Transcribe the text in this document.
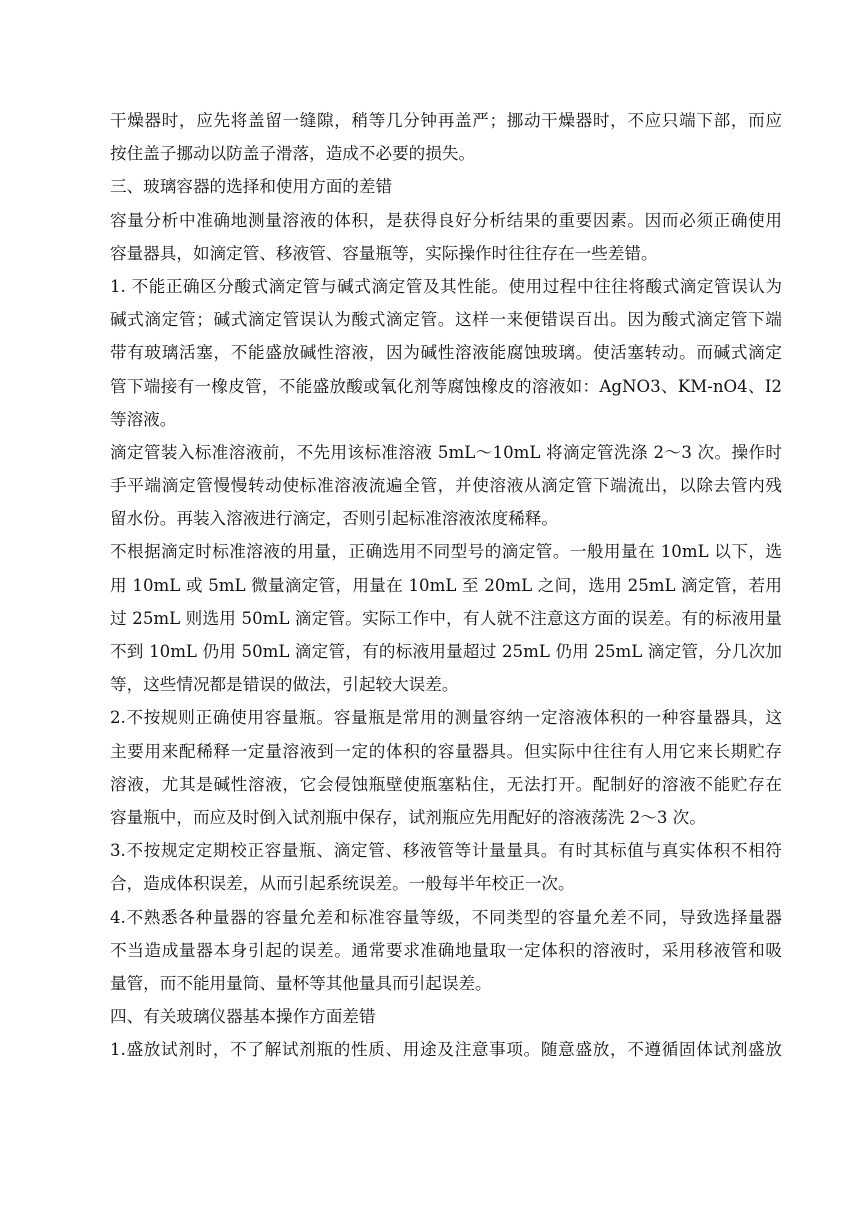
干燥器时，应先将盖留一缝隙，稍等几分钟再盖严；挪动干燥器时，不应只端下部，而应
按住盖子挪动以防盖子滑落，造成不必要的损失。
三、玻璃容器的选择和使用方面的差错
容量分析中准确地测量溶液的体积，是获得良好分析结果的重要因素。因而必须正确使用
容量器具，如滴定管、移液管、容量瓶等，实际操作时往往存在一些差错。
1. 不能正确区分酸式滴定管与碱式滴定管及其性能。使用过程中往往将酸式滴定管误认为
碱式滴定管；碱式滴定管误认为酸式滴定管。这样一来便错误百出。因为酸式滴定管下端
带有玻璃活塞，不能盛放碱性溶液，因为碱性溶液能腐蚀玻璃。使活塞转动。而碱式滴定
管下端接有一橡皮管，不能盛放酸或氧化剂等腐蚀橡皮的溶液如：AgNO3、KM-nO4、I2
等溶液。
滴定管装入标准溶液前，不先用该标准溶液 5mL～10mL 将滴定管洗涤 2～3 次。操作时
手平端滴定管慢慢转动使标准溶液流遍全管，并使溶液从滴定管下端流出，以除去管内残
留水份。再装入溶液进行滴定，否则引起标准溶液浓度稀释。
不根据滴定时标准溶液的用量，正确选用不同型号的滴定管。一般用量在 10mL 以下，选
用 10mL 或 5mL 微量滴定管，用量在 10mL 至 20mL 之间，选用 25mL 滴定管，若用
过 25mL 则选用 50mL 滴定管。实际工作中，有人就不注意这方面的误差。有的标液用量
不到 10mL 仍用 50mL 滴定管，有的标液用量超过 25mL 仍用 25mL 滴定管，分几次加
等，这些情况都是错误的做法，引起较大误差。
2.不按规则正确使用容量瓶。容量瓶是常用的测量容纳一定溶液体积的一种容量器具，这
主要用来配稀释一定量溶液到一定的体积的容量器具。但实际中往往有人用它来长期贮存
溶液，尤其是碱性溶液，它会侵蚀瓶壁使瓶塞粘住，无法打开。配制好的溶液不能贮存在
容量瓶中，而应及时倒入试剂瓶中保存，试剂瓶应先用配好的溶液荡洗 2～3 次。
3.不按规定定期校正容量瓶、滴定管、移液管等计量量具。有时其标值与真实体积不相符
合，造成体积误差，从而引起系统误差。一般每半年校正一次。
4.不熟悉各种量器的容量允差和标准容量等级，不同类型的容量允差不同，导致选择量器
不当造成量器本身引起的误差。通常要求准确地量取一定体积的溶液时，采用移液管和吸
量管，而不能用量筒、量杯等其他量具而引起误差。
四、有关玻璃仪器基本操作方面差错
1.盛放试剂时，不了解试剂瓶的性质、用途及注意事项。随意盛放，不遵循固体试剂盛放
